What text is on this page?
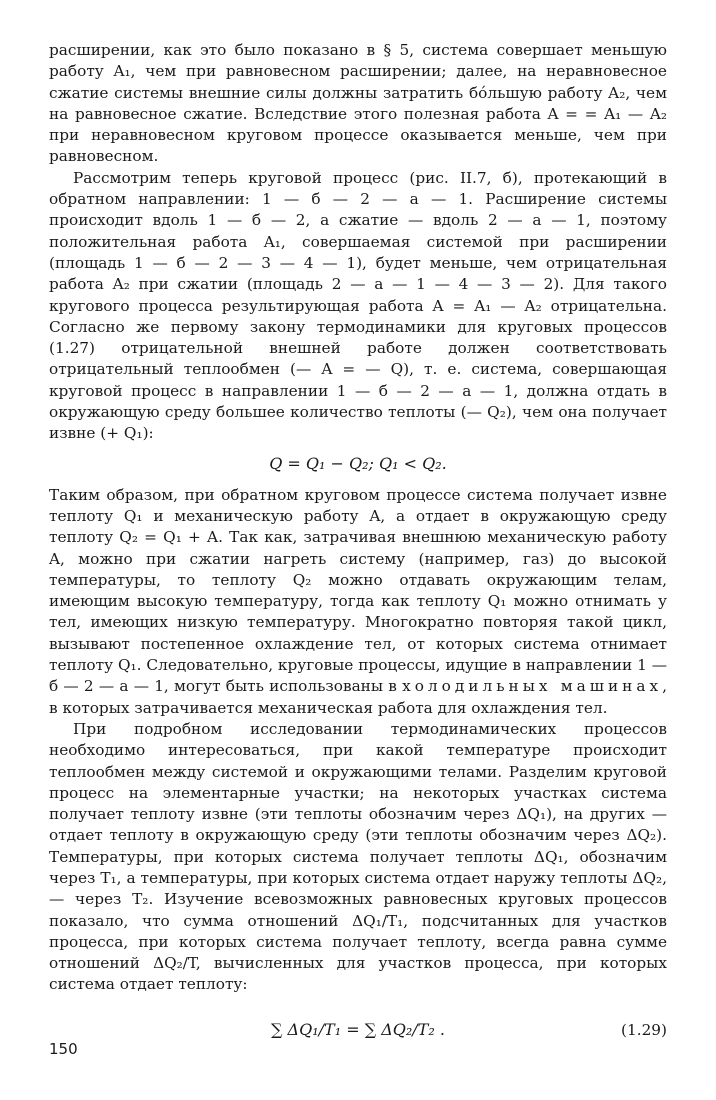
расширении, как это было показано в § 5, система совершает меньшую работу A₁, чем при равновесном расширении; далее, на неравновесное сжатие системы внешние силы должны затратить бóльшую работу A₂, чем на равновесное сжатие. Вследствие этого полезная работа A = = A₁ — A₂ при неравновесном круговом процессе оказывается меньше, чем при равновесном.

Рассмотрим теперь круговой процесс (рис. II.7, б), протекающий в обратном направлении: 1 — б — 2 — а — 1. Расширение системы происходит вдоль 1 — б — 2, а сжатие — вдоль 2 — а — 1, поэтому положительная работа A₁, совершаемая системой при расширении (площадь 1 — б — 2 — 3 — 4 — 1), будет меньше, чем отрицательная работа A₂ при сжатии (площадь 2 — а — 1 — 4 — 3 — 2). Для такого кругового процесса результирующая работа A = A₁ — A₂ отрицательна. Согласно же первому закону термодинамики для круговых процессов (1.27) отрицательной внешней работе должен соответствовать отрицательный теплообмен (— A = — Q), т. е. система, совершающая круговой процесс в направлении 1 — б — 2 — а — 1, должна отдать в окружающую среду большее количество теплоты (— Q₂), чем она получает извне (+ Q₁):

Q = Q₁ − Q₂; Q₁ < Q₂.

Таким образом, при обратном круговом процессе система получает извне теплоту Q₁ и механическую работу A, а отдает в окружающую среду теплоту Q₂ = Q₁ + A. Так как, затрачивая внешнюю механическую работу A, можно при сжатии нагреть систему (например, газ) до высокой температуры, то теплоту Q₂ можно отдавать окружающим телам, имеющим высокую температуру, тогда как теплоту Q₁ можно отнимать у тел, имеющих низкую температуру. Многократно повторяя такой цикл, вызывают постепенное охлаждение тел, от которых система отнимает теплоту Q₁. Следовательно, круговые процессы, идущие в направлении 1 — б — 2 — а — 1, могут быть использованы в холодильных машинах, в которых затрачивается механическая работа для охлаждения тел.

При подробном исследовании термодинамических процессов необходимо интересоваться, при какой температуре происходит теплообмен между системой и окружающими телами. Разделим круговой процесс на элементарные участки; на некоторых участках система получает теплоту извне (эти теплоты обозначим через ΔQ₁), на других — отдает теплоту в окружающую среду (эти теплоты обозначим через ΔQ₂). Температуры, при которых система получает теплоты ΔQ₁, обозначим через T₁, а температуры, при которых система отдает наружу теплоты ΔQ₂, — через T₂. Изучение всевозможных равновесных круговых процессов показало, что сумма отношений ΔQ₁/T₁, подсчитанных для участков процесса, при которых система получает теплоту, всегда равна сумме отношений ΔQ₂/T, вычисленных для участков процесса, при которых система отдает теплоту:

∑ ΔQ₁/T₁ = ∑ ΔQ₂/T₂ .	(1.29)
150
